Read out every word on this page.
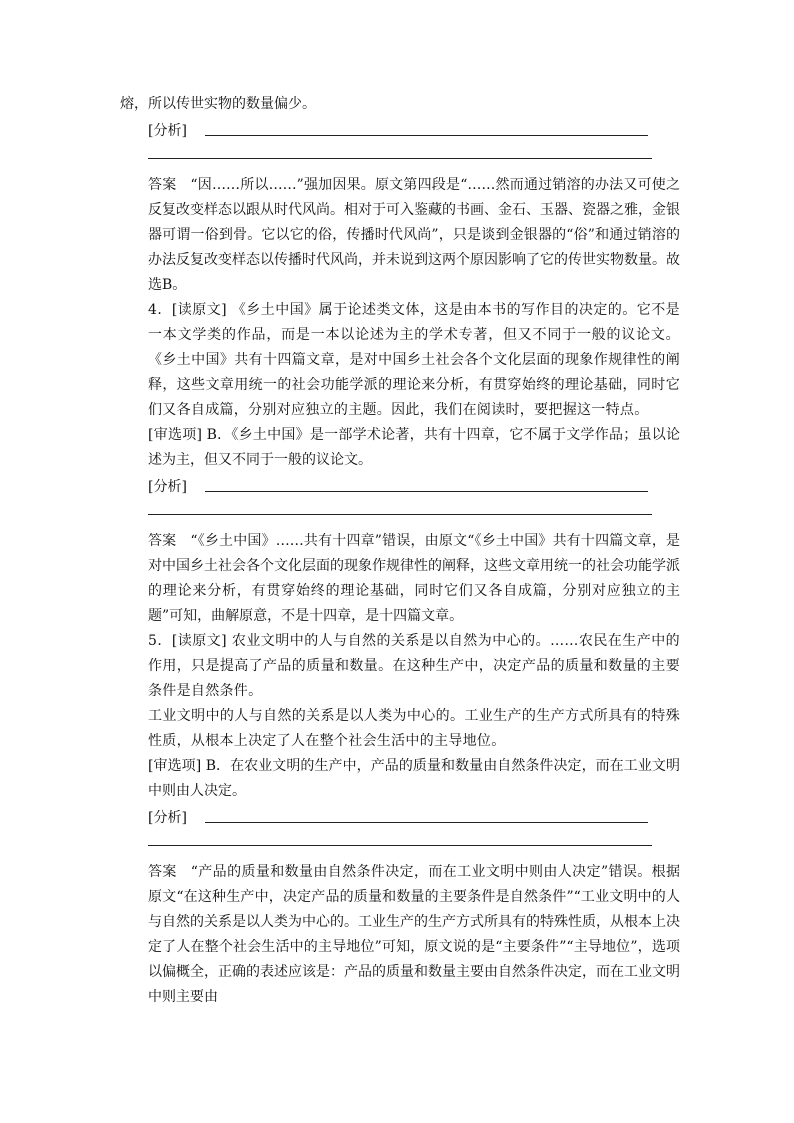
熔，所以传世实物的数量偏少。

[分析]

答案 “因……所以……”强加因果。原文第四段是“……然而通过销溶的办法又可使之反复改变样态以跟从时代风尚。相对于可入鉴藏的书画、金石、玉器、瓷器之雅，金银器可谓一俗到骨。它以它的俗，传播时代风尚”，只是谈到金银器的“俗”和通过销溶的办法反复改变样态以传播时代风尚，并未说到这两个原因影响了它的传世实物数量。故选B。

4．[读原文] 《乡土中国》属于论述类文体，这是由本书的写作目的决定的。它不是一本文学类的作品，而是一本以论述为主的学术专著，但又不同于一般的议论文。《乡土中国》共有十四篇文章，是对中国乡土社会各个文化层面的现象作规律性的阐释，这些文章用统一的社会功能学派的理论来分析，有贯穿始终的理论基础，同时它们又各自成篇，分别对应独立的主题。因此，我们在阅读时，要把握这一特点。

[审选项] B．《乡土中国》是一部学术论著，共有十四章，它不属于文学作品；虽以论述为主，但又不同于一般的议论文。

[分析]

答案 “《乡土中国》……共有十四章”错误，由原文“《乡土中国》共有十四篇文章，是对中国乡土社会各个文化层面的现象作规律性的阐释，这些文章用统一的社会功能学派的理论来分析，有贯穿始终的理论基础，同时它们又各自成篇，分别对应独立的主题”可知，曲解原意，不是十四章，是十四篇文章。

5．[读原文] 农业文明中的人与自然的关系是以自然为中心的。……农民在生产中的作用，只是提高了产品的质量和数量。在这种生产中，决定产品的质量和数量的主要条件是自然条件。

工业文明中的人与自然的关系是以人类为中心的。工业生产的生产方式所具有的特殊性质，从根本上决定了人在整个社会生活中的主导地位。

[审选项] B．在农业文明的生产中，产品的质量和数量由自然条件决定，而在工业文明中则由人决定。

[分析]

答案 “产品的质量和数量由自然条件决定，而在工业文明中则由人决定”错误。根据原文“在这种生产中，决定产品的质量和数量的主要条件是自然条件”“工业文明中的人与自然的关系是以人类为中心的。工业生产的生产方式所具有的特殊性质，从根本上决定了人在整个社会生活中的主导地位”可知，原文说的是“主要条件”“主导地位”，选项以偏概全，正确的表述应该是：产品的质量和数量主要由自然条件决定，而在工业文明中则主要由
